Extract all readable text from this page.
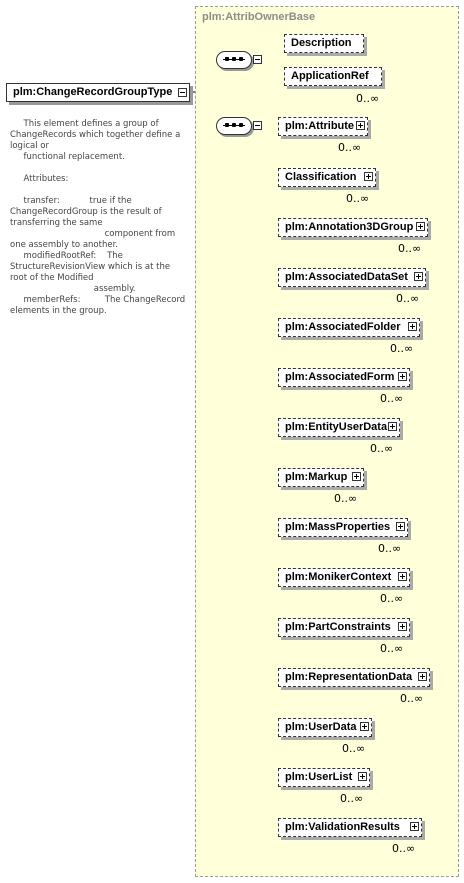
plm:AttribOwnerBase
plm:ChangeRecordGroupType
This element defines a group of ChangeRecords which together define a logical or
functional replacement.

Attributes:

transfer:           true if the ChangeRecordGroup is the result of transferring the same
component from one assembly to another.
modifiedRootRef:    The StructureRevisionView which is at the root of the Modified
assembly.
memberRefs:         The ChangeRecord elements in the group.
Description
ApplicationRef
0..∞
plm:Attribute
0..∞
Classification
0..∞
plm:Annotation3DGroup
0..∞
plm:AssociatedDataSet
0..∞
plm:AssociatedFolder
0..∞
plm:AssociatedForm
0..∞
plm:EntityUserData
0..∞
plm:Markup
0..∞
plm:MassProperties
0..∞
plm:MonikerContext
0..∞
plm:PartConstraints
0..∞
plm:RepresentationData
0..∞
plm:UserData
0..∞
plm:UserList
0..∞
plm:ValidationResults
0..∞
